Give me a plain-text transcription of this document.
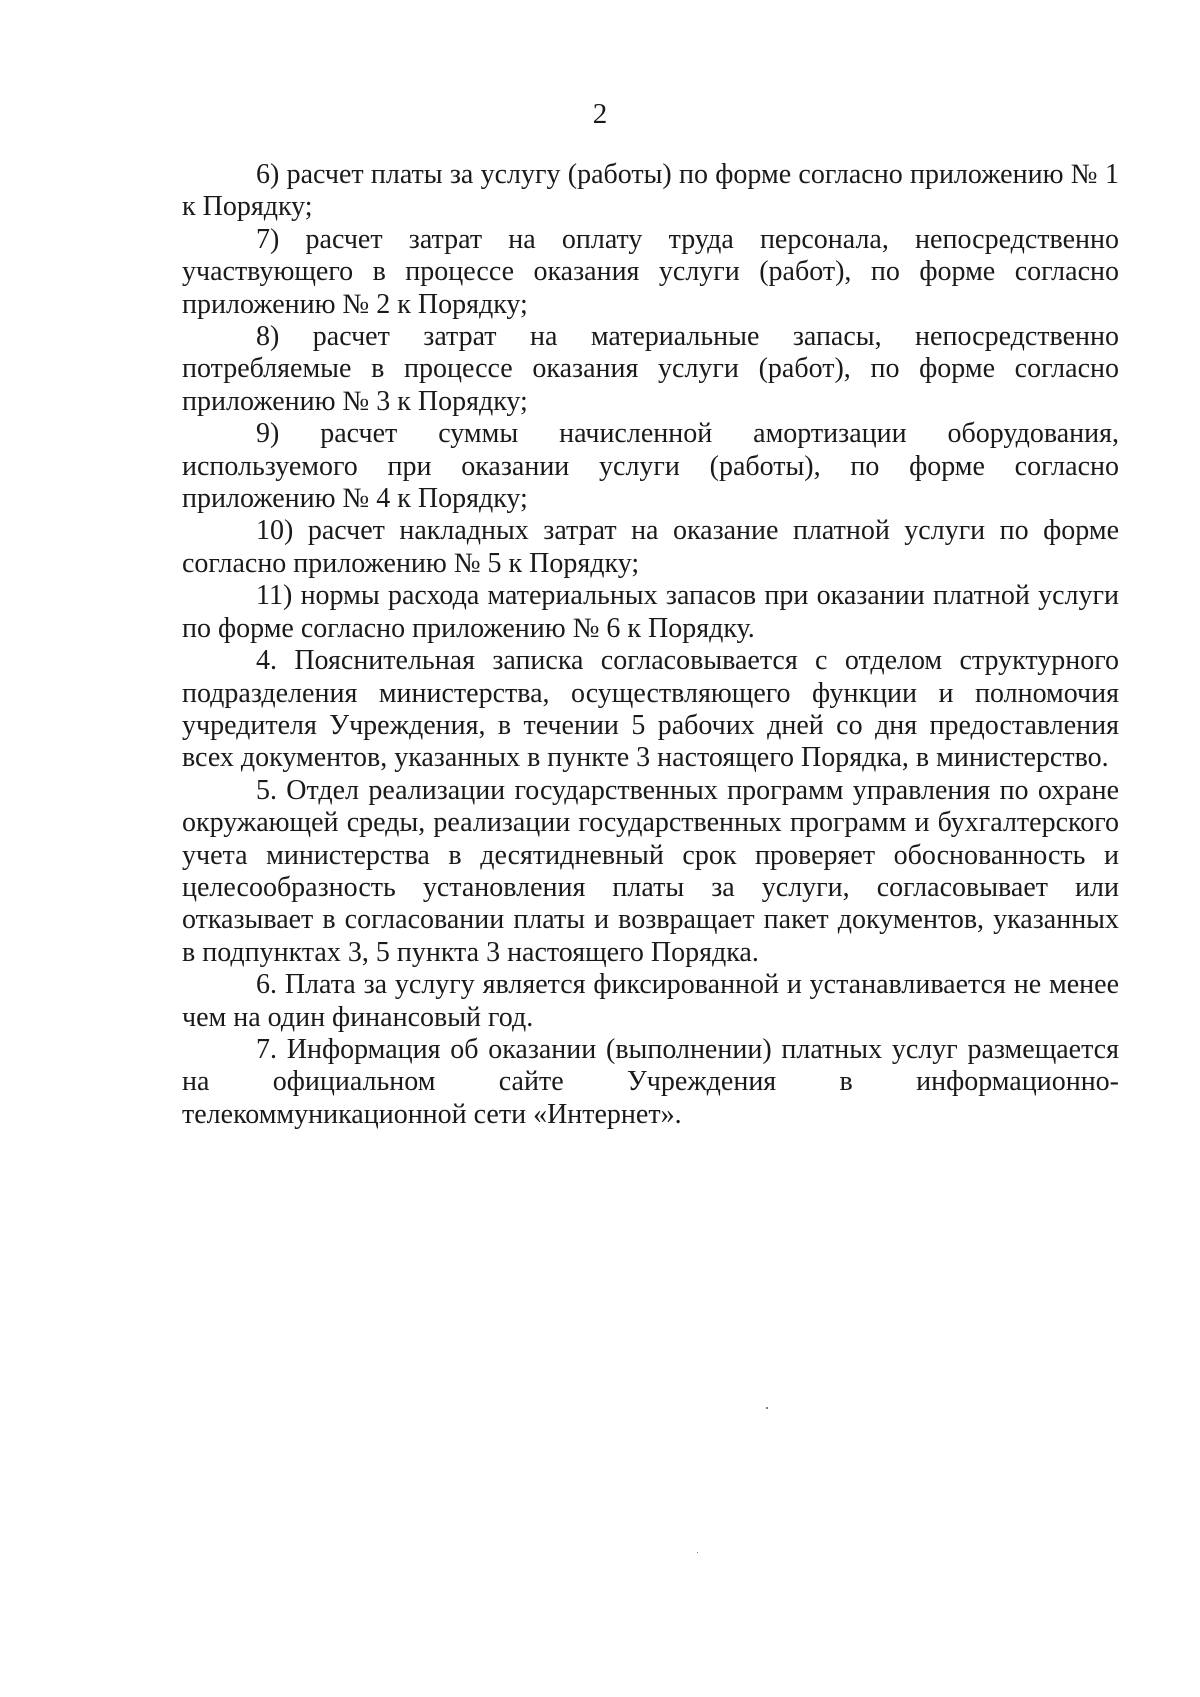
2

6) расчет платы за услугу (работы) по форме согласно приложению № 1 к Порядку;

7) расчет затрат на оплату труда персонала, непосредственно участвующего в процессе оказания услуги (работ), по форме согласно приложению № 2 к Порядку;

8) расчет затрат на материальные запасы, непосредственно потребляемые в процессе оказания услуги (работ), по форме согласно приложению № 3 к Порядку;

9) расчет суммы начисленной амортизации оборудования, используемого при оказании услуги (работы), по форме согласно приложению № 4 к Порядку;

10) расчет накладных затрат на оказание платной услуги по форме согласно приложению № 5 к Порядку;

11) нормы расхода материальных запасов при оказании платной услуги по форме согласно приложению № 6 к Порядку.

4. Пояснительная записка согласовывается с отделом структурного подразделения министерства, осуществляющего функции и полномочия учредителя Учреждения, в течении 5 рабочих дней со дня предоставления всех документов, указанных в пункте 3 настоящего Порядка, в министерство.

5. Отдел реализации государственных программ управления по охране окружающей среды, реализации государственных программ и бухгалтерского учета министерства в десятидневный срок проверяет обоснованность и целесообразность установления платы за услуги, согласовывает или отказывает в согласовании платы и возвращает пакет документов, указанных в подпунктах 3, 5 пункта 3 настоящего Порядка.

6. Плата за услугу является фиксированной и устанавливается не менее чем на один финансовый год.

7. Информация об оказании (выполнении) платных услуг размещается на официальном сайте Учреждения в информационно-телекоммуникационной сети «Интернет».
